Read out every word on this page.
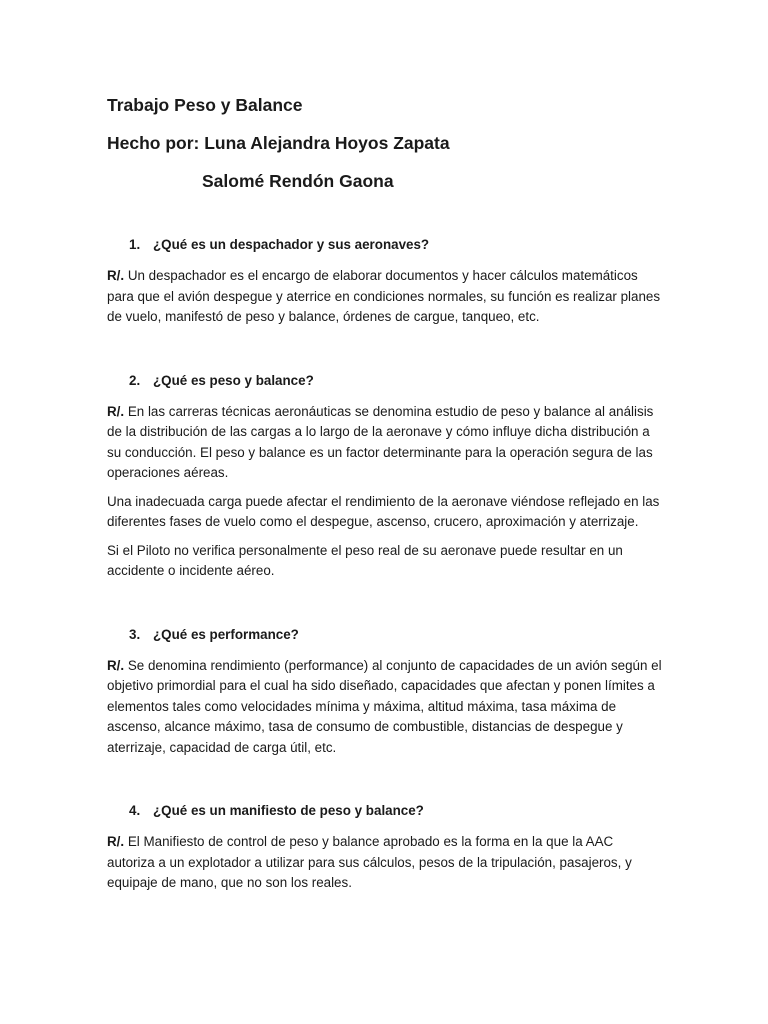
Trabajo Peso y Balance
Hecho por: Luna Alejandra Hoyos Zapata
Salomé Rendón Gaona
1. ¿Qué es un despachador y sus aeronaves?

R/. Un despachador es el encargo de elaborar documentos y hacer cálculos matemáticos para que el avión despegue y aterrice en condiciones normales, su función es realizar planes de vuelo, manifestó de peso y balance, órdenes de cargue, tanqueo, etc.

2. ¿Qué es peso y balance?

R/. En las carreras técnicas aeronáuticas se denomina estudio de peso y balance al análisis de la distribución de las cargas a lo largo de la aeronave y cómo influye dicha distribución a su conducción. El peso y balance es un factor determinante para la operación segura de las operaciones aéreas.

Una inadecuada carga puede afectar el rendimiento de la aeronave viéndose reflejado en las diferentes fases de vuelo como el despegue, ascenso, crucero, aproximación y aterrizaje.

Si el Piloto no verifica personalmente el peso real de su aeronave puede resultar en un accidente o incidente aéreo.

3. ¿Qué es performance?

R/. Se denomina rendimiento (performance) al conjunto de capacidades de un avión según el objetivo primordial para el cual ha sido diseñado, capacidades que afectan y ponen límites a elementos tales como velocidades mínima y máxima, altitud máxima, tasa máxima de ascenso, alcance máximo, tasa de consumo de combustible, distancias de despegue y aterrizaje, capacidad de carga útil, etc.

4. ¿Qué es un manifiesto de peso y balance?

R/. El Manifiesto de control de peso y balance aprobado es la forma en la que la AAC autoriza a un explotador a utilizar para sus cálculos, pesos de la tripulación, pasajeros, y equipaje de mano, que no son los reales.
